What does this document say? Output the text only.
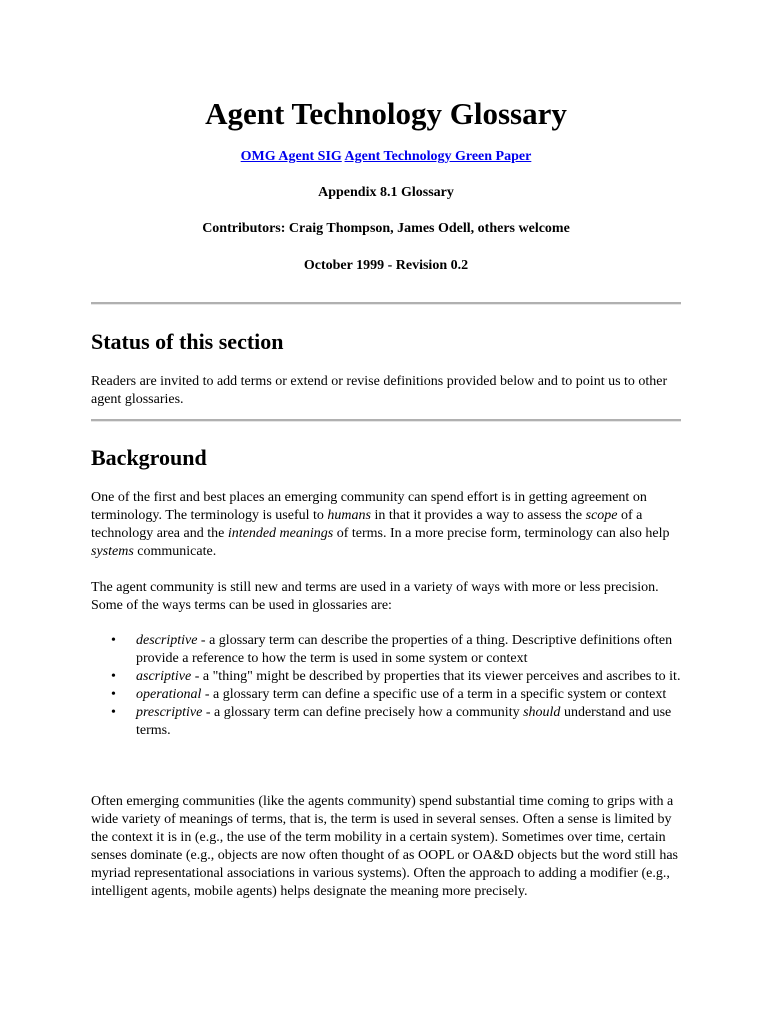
Agent Technology Glossary
OMG Agent SIG Agent Technology Green Paper
Appendix 8.1 Glossary
Contributors: Craig Thompson, James Odell, others welcome
October 1999 - Revision 0.2
Status of this section

Readers are invited to add terms or extend or revise definitions provided below and to point us to other agent glossaries.

Background

One of the first and best places an emerging community can spend effort is in getting agreement on terminology. The terminology is useful to humans in that it provides a way to assess the scope of a technology area and the intended meanings of terms. In a more precise form, terminology can also help systems communicate.

The agent community is still new and terms are used in a variety of ways with more or less precision. Some of the ways terms can be used in glossaries are:

• descriptive - a glossary term can describe the properties of a thing. Descriptive definitions often provide a reference to how the term is used in some system or context
• ascriptive - a "thing" might be described by properties that its viewer perceives and ascribes to it.
• operational - a glossary term can define a specific use of a term in a specific system or context
• prescriptive - a glossary term can define precisely how a community should understand and use terms.

Often emerging communities (like the agents community) spend substantial time coming to grips with a wide variety of meanings of terms, that is, the term is used in several senses. Often a sense is limited by the context it is in (e.g., the use of the term mobility in a certain system). Sometimes over time, certain senses dominate (e.g., objects are now often thought of as OOPL or OA&D objects but the word still has myriad representational associations in various systems). Often the approach to adding a modifier (e.g., intelligent agents, mobile agents) helps designate the meaning more precisely.
